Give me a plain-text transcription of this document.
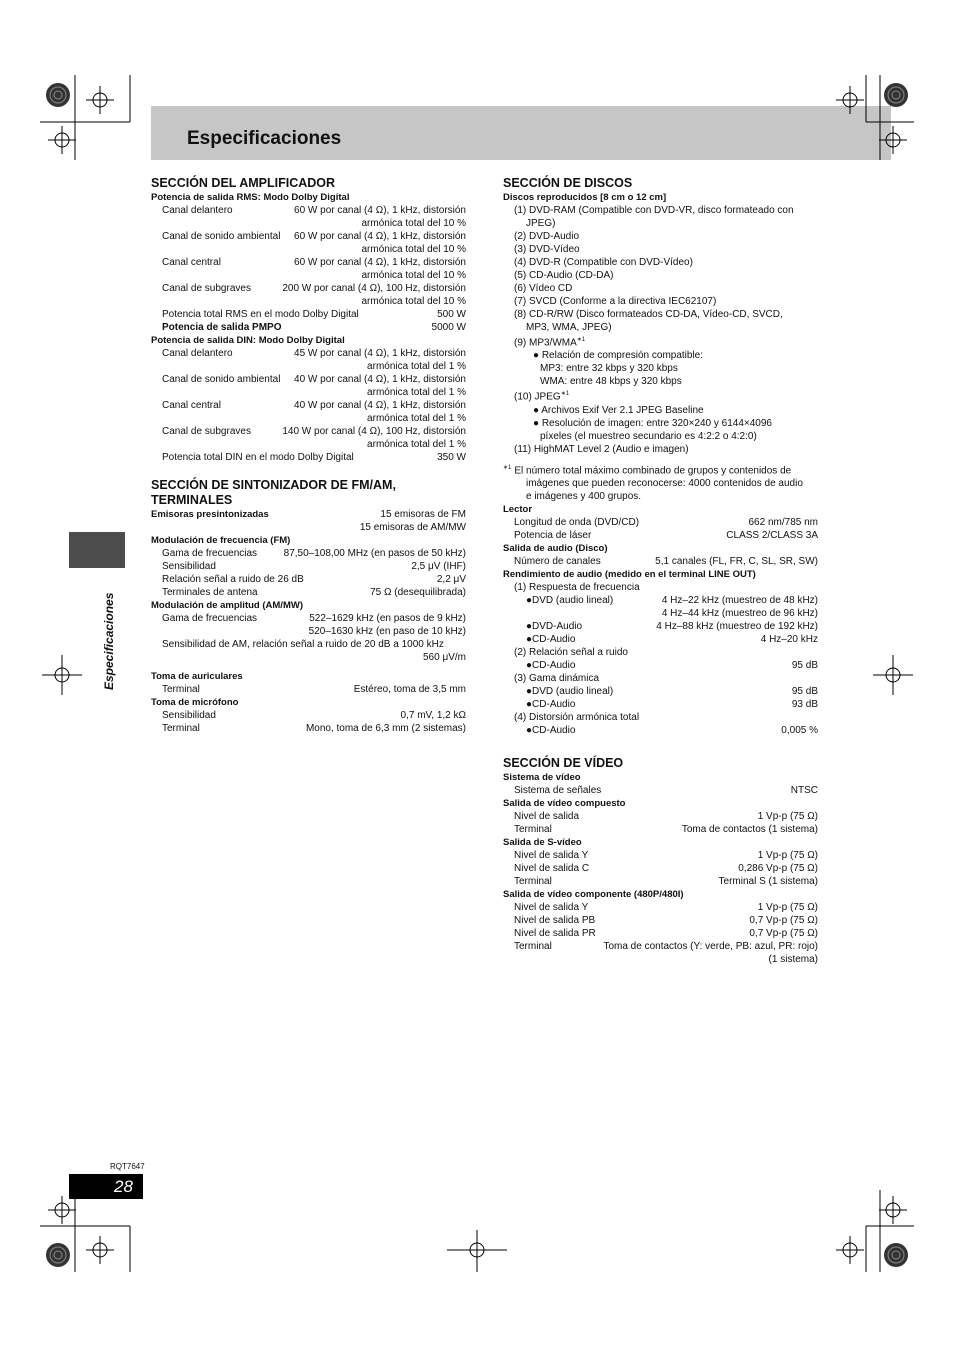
Especificaciones
Especificaciones
RQT7647
28
SECCIÓN DEL AMPLIFICADOR
Potencia de salida RMS: Modo Dolby Digital
Canal delantero	60 W por canal (4 Ω), 1 kHz, distorsión
armónica total del 10 %
Canal de sonido ambiental 60 W por canal (4 Ω), 1 kHz, distorsión
armónica total del 10 %
Canal central	60 W por canal (4 Ω), 1 kHz, distorsión
armónica total del 10 %
Canal de subgraves	200 W por canal (4 Ω), 100 Hz, distorsión
armónica total del 10 %
Potencia total RMS en el modo Dolby Digital	500 W
Potencia de salida PMPO	5000 W
Potencia de salida DIN: Modo Dolby Digital
Canal delantero	45 W por canal (4 Ω), 1 kHz, distorsión
armónica total del 1 %
Canal de sonido ambiental 40 W por canal (4 Ω), 1 kHz, distorsión
armónica total del 1 %
Canal central	40 W por canal (4 Ω), 1 kHz, distorsión
armónica total del 1 %
Canal de subgraves	140 W por canal (4 Ω), 100 Hz, distorsión
armónica total del 1 %
Potencia total DIN en el modo Dolby Digital	350 W
SECCIÓN DE SINTONIZADOR DE FM/AM,
TERMINALES
Emisoras presintonizadas	15 emisoras de FM
15 emisoras de AM/MW
Modulación de frecuencia (FM)
Gama de frecuencias	87,50–108,00 MHz (en pasos de 50 kHz)
Sensibilidad	2,5 μV (IHF)
Relación señal a ruido de 26 dB	2,2 μV
Terminales de antena	75 Ω (desequilibrada)
Modulación de amplitud (AM/MW)
Gama de frecuencias	522–1629 kHz (en pasos de 9 kHz)
520–1630 kHz (en paso de 10 kHz)
Sensibilidad de AM, relación señal a ruido de 20 dB a 1000 kHz
560 μV/m
Toma de auriculares
Terminal	Estéreo, toma de 3,5 mm
Toma de micrófono
Sensibilidad	0,7 mV, 1,2 kΩ
Terminal	Mono, toma de 6,3 mm (2 sistemas)
SECCIÓN DE DISCOS
Discos reproducidos [8 cm o 12 cm]
(1) DVD-RAM (Compatible con DVD-VR, disco formateado con
JPEG)
(2) DVD-Audio
(3) DVD-Vídeo
(4) DVD-R (Compatible con DVD-Vídeo)
(5) CD-Audio (CD-DA)
(6) Vídeo CD
(7) SVCD (Conforme a la directiva IEC62107)
(8) CD-R/RW (Disco formateados CD-DA, Vídeo-CD, SVCD,
MP3, WMA, JPEG)
(9) $MP3/WMA^{∗1}$
● Relación de compresión compatible:
MP3: entre 32 kbps y 320 kbps
WMA: entre 48 kbps y 320 kbps
(10) $JPEG^{∗1}$
● Archivos Exif Ver 2.1 JPEG Baseline
● Resolución de imagen: entre 320×240 y 6144×4096
píxeles (el muestreo secundario es 4:2:2 o 4:2:0)
(11) HighMAT Level 2 (Audio e imagen)
$^{∗1}$ El número total máximo combinado de grupos y contenidos de
imágenes que pueden reconocerse: 4000 contenidos de audio
e imágenes y 400 grupos.
Lector
Longitud de onda (DVD/CD)	662 nm/785 nm
Potencia de láser	CLASS 2/CLASS 3A
Salida de audio (Disco)
Número de canales	5,1 canales (FL, FR, C, SL, SR, SW)
Rendimiento de audio (medido en el terminal LINE OUT)
(1) Respuesta de frecuencia
●DVD (audio lineal)	4 Hz–22 kHz (muestreo de 48 kHz)
4 Hz–44 kHz (muestreo de 96 kHz)
●DVD-Audio	4 Hz–88 kHz (muestreo de 192 kHz)
●CD-Audio	4 Hz–20 kHz
(2) Relación señal a ruido
●CD-Audio	95 dB
(3) Gama dinámica
●DVD (audio lineal)	95 dB
●CD-Audio	93 dB
(4) Distorsión armónica total
●CD-Audio	0,005 %
SECCIÓN DE VÍDEO
Sistema de vídeo
Sistema de señales	NTSC
Salida de vídeo compuesto
Nivel de salida	1 Vp-p (75 Ω)
Terminal	Toma de contactos (1 sistema)
Salida de S-vídeo
Nivel de salida Y	1 Vp-p (75 Ω)
Nivel de salida C	0,286 Vp-p (75 Ω)
Terminal	Terminal S (1 sistema)
Salida de vídeo componente (480P/480I)
Nivel de salida Y	1 Vp-p (75 Ω)
Nivel de salida PB	0,7 Vp-p (75 Ω)
Nivel de salida PR	0,7 Vp-p (75 Ω)
Terminal	Toma de contactos (Y: verde, PB: azul, PR: rojo)
(1 sistema)
